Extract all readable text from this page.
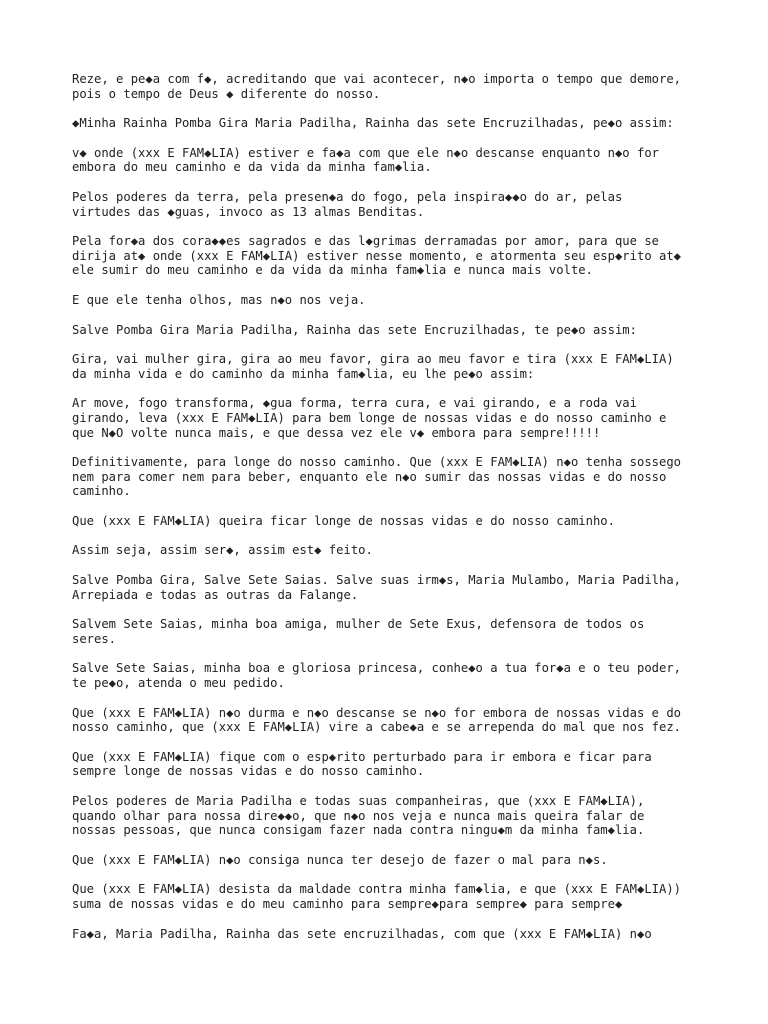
Reze, e pe◆a com f◆, acreditando que vai acontecer, n◆o importa o tempo que demore,
pois o tempo de Deus ◆ diferente do nosso.

◆Minha Rainha Pomba Gira Maria Padilha, Rainha das sete Encruzilhadas, pe◆o assim:

v◆ onde (xxx E FAM◆LIA) estiver e fa◆a com que ele n◆o descanse enquanto n◆o for
embora do meu caminho e da vida da minha fam◆lia.

Pelos poderes da terra, pela presen◆a do fogo, pela inspira◆◆o do ar, pelas
virtudes das ◆guas, invoco as 13 almas Benditas.

Pela for◆a dos cora◆◆es sagrados e das l◆grimas derramadas por amor, para que se
dirija at◆ onde (xxx E FAM◆LIA) estiver nesse momento, e atormenta seu esp◆rito at◆
ele sumir do meu caminho e da vida da minha fam◆lia e nunca mais volte.

E que ele tenha olhos, mas n◆o nos veja.

Salve Pomba Gira Maria Padilha, Rainha das sete Encruzilhadas, te pe◆o assim:

Gira, vai mulher gira, gira ao meu favor, gira ao meu favor e tira (xxx E FAM◆LIA)
da minha vida e do caminho da minha fam◆lia, eu lhe pe◆o assim:

Ar move, fogo transforma, ◆gua forma, terra cura, e vai girando, e a roda vai
girando, leva (xxx E FAM◆LIA) para bem longe de nossas vidas e do nosso caminho e
que N◆O volte nunca mais, e que dessa vez ele v◆ embora para sempre!!!!!

Definitivamente, para longe do nosso caminho. Que (xxx E FAM◆LIA) n◆o tenha sossego
nem para comer nem para beber, enquanto ele n◆o sumir das nossas vidas e do nosso
caminho.

Que (xxx E FAM◆LIA) queira ficar longe de nossas vidas e do nosso caminho.

Assim seja, assim ser◆, assim est◆ feito.

Salve Pomba Gira, Salve Sete Saias. Salve suas irm◆s, Maria Mulambo, Maria Padilha,
Arrepiada e todas as outras da Falange.

Salvem Sete Saias, minha boa amiga, mulher de Sete Exus, defensora de todos os
seres.

Salve Sete Saias, minha boa e gloriosa princesa, conhe◆o a tua for◆a e o teu poder,
te pe◆o, atenda o meu pedido.

Que (xxx E FAM◆LIA) n◆o durma e n◆o descanse se n◆o for embora de nossas vidas e do
nosso caminho, que (xxx E FAM◆LIA) vire a cabe◆a e se arrependa do mal que nos fez.

Que (xxx E FAM◆LIA) fique com o esp◆rito perturbado para ir embora e ficar para
sempre longe de nossas vidas e do nosso caminho.

Pelos poderes de Maria Padilha e todas suas companheiras, que (xxx E FAM◆LIA),
quando olhar para nossa dire◆◆o, que n◆o nos veja e nunca mais queira falar de
nossas pessoas, que nunca consigam fazer nada contra ningu◆m da minha fam◆lia.

Que (xxx E FAM◆LIA) n◆o consiga nunca ter desejo de fazer o mal para n◆s.

Que (xxx E FAM◆LIA) desista da maldade contra minha fam◆lia, e que (xxx E FAM◆LIA))
suma de nossas vidas e do meu caminho para sempre◆para sempre◆ para sempre◆

Fa◆a, Maria Padilha, Rainha das sete encruzilhadas, com que (xxx E FAM◆LIA) n◆o
